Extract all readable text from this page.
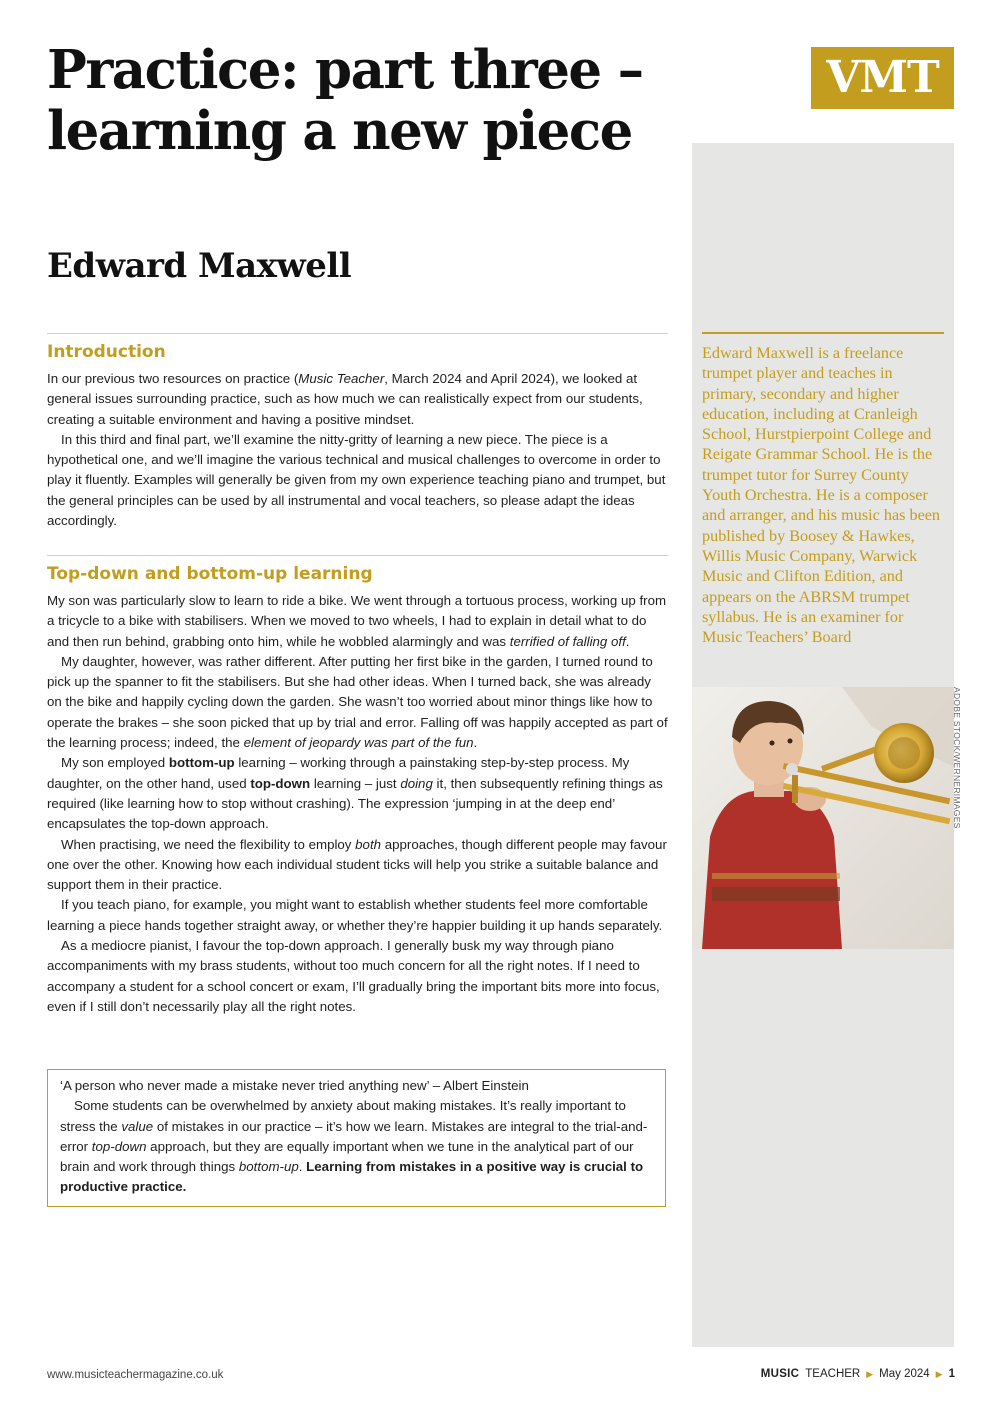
Practice: part three – learning a new piece
Edward Maxwell
VMT

Edward Maxwell is a freelance trumpet player and teaches in primary, secondary and higher education, including at Cranleigh School, Hurstpierpoint College and Reigate Grammar School. He is the trumpet tutor for Surrey County Youth Orchestra. He is a composer and arranger, and his music has been published by Boosey & Hawkes, Willis Music Company, Warwick Music and Clifton Edition, and appears on the ABRSM trumpet syllabus. He is an examiner for Music Teachers’ Board

ADOBE STOCK/WERNERIMAGES
Introduction

In our previous two resources on practice (Music Teacher, March 2024 and April 2024), we looked at general issues surrounding practice, such as how much we can realistically expect from our students, creating a suitable environment and having a positive mindset.

In this third and final part, we’ll examine the nitty-gritty of learning a new piece. The piece is a hypothetical one, and we’ll imagine the various technical and musical challenges to overcome in order to play it fluently. Examples will generally be given from my own experience teaching piano and trumpet, but the general principles can be used by all instrumental and vocal teachers, so please adapt the ideas accordingly.

Top-down and bottom-up learning

My son was particularly slow to learn to ride a bike. We went through a tortuous process, working up from a tricycle to a bike with stabilisers. When we moved to two wheels, I had to explain in detail what to do and then run behind, grabbing onto him, while he wobbled alarmingly and was terrified of falling off.

My daughter, however, was rather different. After putting her first bike in the garden, I turned round to pick up the spanner to fit the stabilisers. But she had other ideas. When I turned back, she was already on the bike and happily cycling down the garden. She wasn’t too worried about minor things like how to operate the brakes – she soon picked that up by trial and error. Falling off was happily accepted as part of the learning process; indeed, the element of jeopardy was part of the fun.

My son employed bottom-up learning – working through a painstaking step-by-step process. My daughter, on the other hand, used top-down learning – just doing it, then subsequently refining things as required (like learning how to stop without crashing). The expression ‘jumping in at the deep end’ encapsulates the top-down approach.

When practising, we need the flexibility to employ both approaches, though different people may favour one over the other. Knowing how each individual student ticks will help you strike a suitable balance and support them in their practice.

If you teach piano, for example, you might want to establish whether students feel more comfortable learning a piece hands together straight away, or whether they’re happier building it up hands separately.

As a mediocre pianist, I favour the top-down approach. I generally busk my way through piano accompaniments with my brass students, without too much concern for all the right notes. If I need to accompany a student for a school concert or exam, I’ll gradually bring the important bits more into focus, even if I still don’t necessarily play all the right notes.

‘A person who never made a mistake never tried anything new’ – Albert Einstein

Some students can be overwhelmed by anxiety about making mistakes. It’s really important to stress the value of mistakes in our practice – it’s how we learn. Mistakes are integral to the trial-and-error top-down approach, but they are equally important when we tune in the analytical part of our brain and work through things bottom-up. Learning from mistakes in a positive way is crucial to productive practice.

www.musicteachermagazine.co.uk	MUSIC TEACHER ▶ May 2024 ▶ 1
